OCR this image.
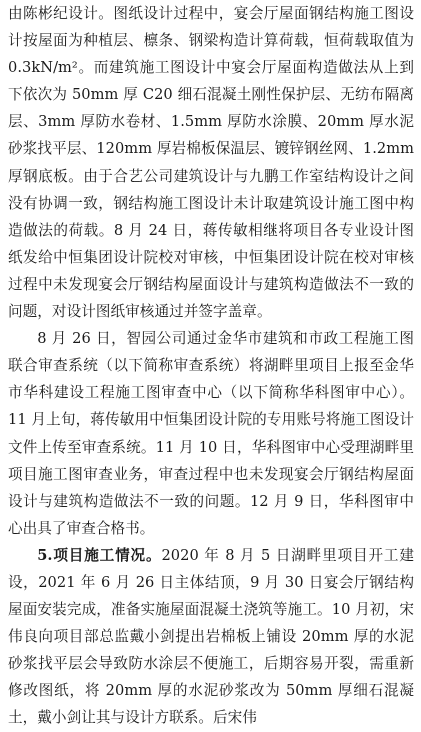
由陈彬纪设计。图纸设计过程中，宴会厅屋面钢结构施工图设计按屋面为种植层、檩条、钢梁构造计算荷载，恒荷载取值为 0.3kN/m²。而建筑施工图设计中宴会厅屋面构造做法从上到下依次为 50mm 厚 C20 细石混凝土刚性保护层、无纺布隔离层、3mm 厚防水卷材、1.5mm 厚防水涂膜、20mm 厚水泥砂浆找平层、120mm 厚岩棉板保温层、镀锌钢丝网、1.2mm 厚钢底板。由于合艺公司建筑设计与九鹏工作室结构设计之间没有协调一致，钢结构施工图设计未计取建筑设计施工图中构造做法的荷载。8 月 24 日，蒋传敏相继将项目各专业设计图纸发给中恒集团设计院校对审核，中恒集团设计院在校对审核过程中未发现宴会厅钢结构屋面设计与建筑构造做法不一致的问题，对设计图纸审核通过并签字盖章。

8 月 26 日，智园公司通过金华市建筑和市政工程施工图联合审查系统（以下简称审查系统）将湖畔里项目上报至金华市华科建设工程施工图审查中心（以下简称华科图审中心）。11 月上旬，蒋传敏用中恒集团设计院的专用账号将施工图设计文件上传至审查系统。11 月 10 日，华科图审中心受理湖畔里项目施工图审查业务，审查过程中也未发现宴会厅钢结构屋面设计与建筑构造做法不一致的问题。12 月 9 日，华科图审中心出具了审查合格书。

5.项目施工情况。2020 年 8 月 5 日湖畔里项目开工建设，2021 年 6 月 26 日主体结顶，9 月 30 日宴会厅钢结构屋面安装完成，准备实施屋面混凝土浇筑等施工。10 月初，宋伟良向项目部总监戴小剑提出岩棉板上铺设 20mm 厚的水泥砂浆找平层会导致防水涂层不便施工，后期容易开裂，需重新修改图纸，将 20mm 厚的水泥砂浆改为 50mm 厚细石混凝土，戴小剑让其与设计方联系。后宋伟
